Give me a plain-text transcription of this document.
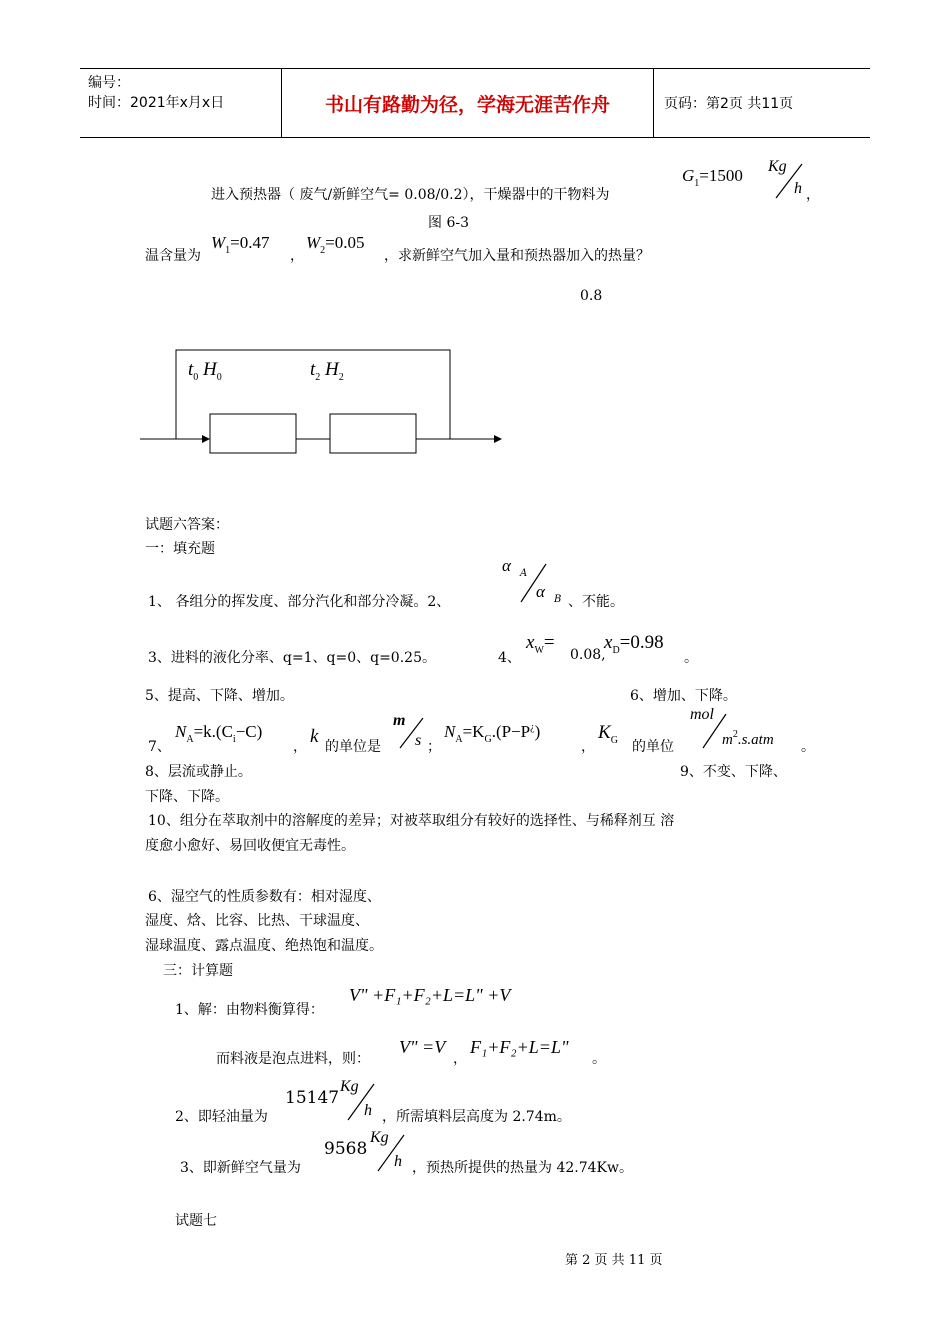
编号：
时间：2021年x月x日	书山有路勤为径，学海无涯苦作舟	页码：第2页 共11页
进入预热器（ 废气/新鲜空气= 0.08/0.2），干燥器中的干物料为
$G_1=1500$ Kg
h ，
图 6-3
温含量为
$W_1=0.47$
，
$W_2=0.05$
，求新鲜空气加入量和预热器加入的热量？
0.8
$t_0$ $H_0$	$t_2$ $H_2$
试题六答案：
一：填充题
1、 各组分的挥发度、部分汽化和部分冷凝。2、
α A
α B 、不能。
3、进料的液化分率、q=1、q=0、q=0.25。	4、
$x_W=$
0.08,
$x_D=0.98$
。
5、提高、下降、增加。	6、增加、下降。
7、
$N_A=k.(C_i-C)$
， k 的单位是
m
s ；
$N_A=K_G.(P-P^¿)$
，
$K_G$ 的单位
mol
$m^2.s.atm$ 。
8、层流或静止。	9、不变、下降、
下降、下降。
10、组分在萃取剂中的溶解度的差异；对被萃取组分有较好的选择性、与稀释剂互 溶
度愈小愈好、易回收便宜无毒性。
6、湿空气的性质参数有：相对湿度、
湿度、焓、比容、比热、干球温度、
湿球温度、露点温度、绝热饱和温度。
三：计算题
1、解：由物料衡算得：
V" +F₁+F₂+L=L" +V
而料液是泡点进料，则：
V" =V
，
F₁+F₂+L=L"
。
2、即轻油量为
15147
Kg
h ，所需填料层高度为 2.74m。
3、即新鲜空气量为
9568
Kg
h ，预热所提供的热量为 42.74Kw。
试题七
第 2 页 共 11 页
